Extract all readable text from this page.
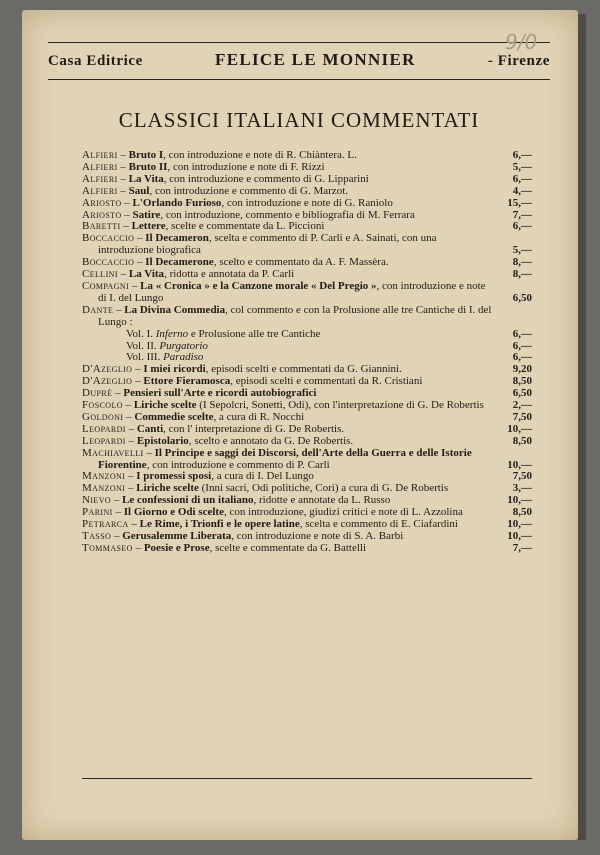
Casa Editrice	FELICE LE MONNIER	- Firenze
9/0
CLASSICI ITALIANI COMMENTATI
Alfieri – Bruto I, con introduzione e note di R. Chiàntera. L.	6,—
Alfieri – Bruto II, con introduzione e note di F. Rizzi	5,—
Alfieri – La Vita, con introduzione e commento di G. Lipparini	6,—
Alfieri – Saul, con introduzione e commento di G. Marzot.	4,—
Ariosto – L'Orlando Furioso, con introduzione e note di G. Raniolo	15,—
Ariosto – Satire, con introduzione, commento e bibliografia di M. Ferrara	7,—
Baretti – Lettere, scelte e commentate da L. Piccioni	6,—
Boccaccio – Il Decameron, scelta e commento di P. Carli e A. Sainati, con una introduzione biografica	5,—
Boccaccio – Il Decamerone, scelto e commentato da A. F. Massèra.	8,—
Cellini – La Vita, ridotta e annotata da P. Carli	8,—
Compagni – La « Cronica » e la Canzone morale « Del Pregio », con introduzione e note di I. del Lungo	6,50
Dante – La Divina Commedia, col commento e con la Prolusione alle tre Cantiche di I. del Lungo :
Vol. I. Inferno e Prolusione alle tre Cantiche	6,—
Vol. II. Purgatorio	6,—
Vol. III. Paradiso	6,—
D'Azeglio – I miei ricordi, episodi scelti e commentati da G. Giannini.	9,20
D'Azeglio – Ettore Fieramosca, episodi scelti e commentati da R. Cristiani	8,50
Duprè – Pensieri sull'Arte e ricordi autobiografici	6,50
Foscolo – Liriche scelte (I Sepolcri, Sonetti, Odi), con l'interpretazione di G. De Robertis	2,—
Goldoni – Commedie scelte, a cura di R. Nocchi	7,50
Leopardi – Canti, con l' interpretazione di G. De Robertis.	10,—
Leopardi – Epistolario, scelto e annotato da G. De Robertis.	8,50
Machiavelli – Il Principe e saggi dei Discorsi, dell'Arte della Guerra e delle Istorie Fiorentine, con introduzione e commento di P. Carli	10,—
Manzoni – I promessi sposi, a cura di I. Del Lungo	7,50
Manzoni – Liriche scelte (Inni sacri, Odi politiche, Cori) a cura di G. De Robertis	3,—
Nievo – Le confessioni di un italiano, ridotte e annotate da L. Russo	10,—
Parini – Il Giorno e Odi scelte, con introduzione, giudizi critici e note di L. Azzolina	8,50
Petrarca – Le Rime, i Trionfi e le opere latine, scelta e commento di E. Ciafardini	10,—
Tasso – Gerusalemme Liberata, con introduzione e note di S. A. Barbi	10,—
Tommaseo – Poesie e Prose, scelte e commentate da G. Battelli	7,—
